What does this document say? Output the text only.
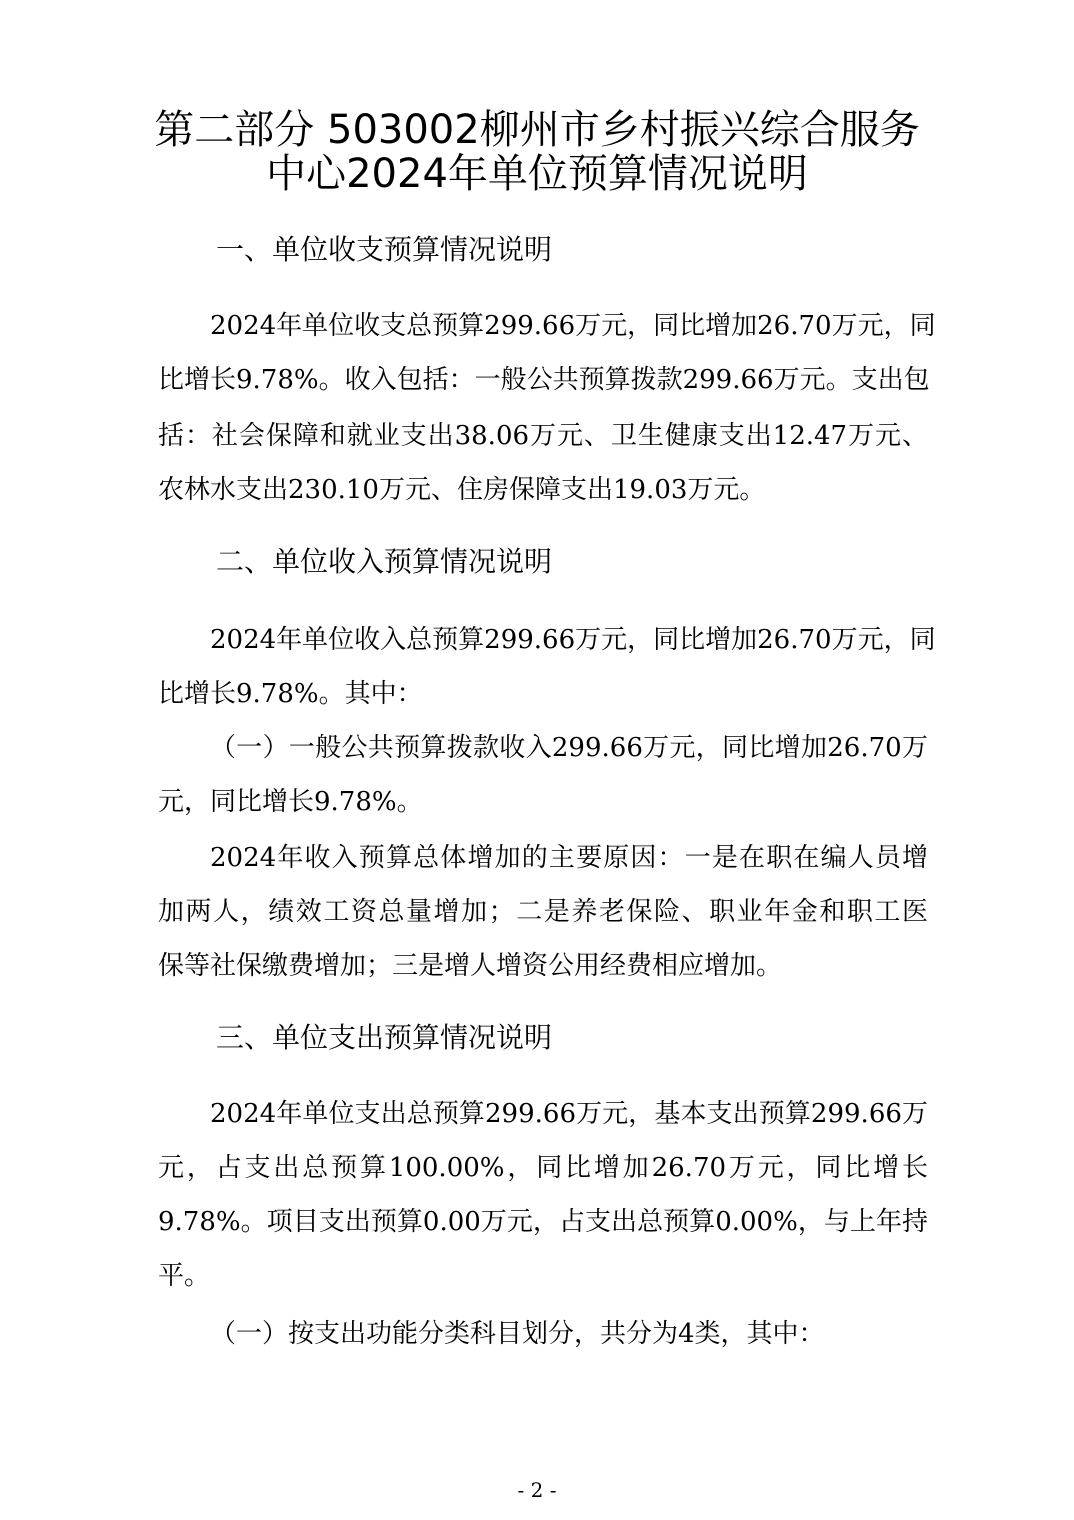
第二部分 503002柳州市乡村振兴综合服务
中心2024年单位预算情况说明
一、单位收支预算情况说明
2024年单位收支总预算299.66万元，同比增加26.70万元，同
比增长9.78%。收入包括：一般公共预算拨款299.66万元。支出包
括：社会保障和就业支出38.06万元、卫生健康支出12.47万元、
农林水支出230.10万元、住房保障支出19.03万元。
二、单位收入预算情况说明
2024年单位收入总预算299.66万元，同比增加26.70万元，同
比增长9.78%。其中：
（一）一般公共预算拨款收入299.66万元，同比增加26.70万
元，同比增长9.78%。
2024年收入预算总体增加的主要原因：一是在职在编人员增
加两人，绩效工资总量增加；二是养老保险、职业年金和职工医
保等社保缴费增加；三是增人增资公用经费相应增加。
三、单位支出预算情况说明
2024年单位支出总预算299.66万元，基本支出预算299.66万
元，占支出总预算100.00%，同比增加26.70万元，同比增长
9.78%。项目支出预算0.00万元，占支出总预算0.00%，与上年持
平。
（一）按支出功能分类科目划分，共分为4类，其中：
- 2 -
